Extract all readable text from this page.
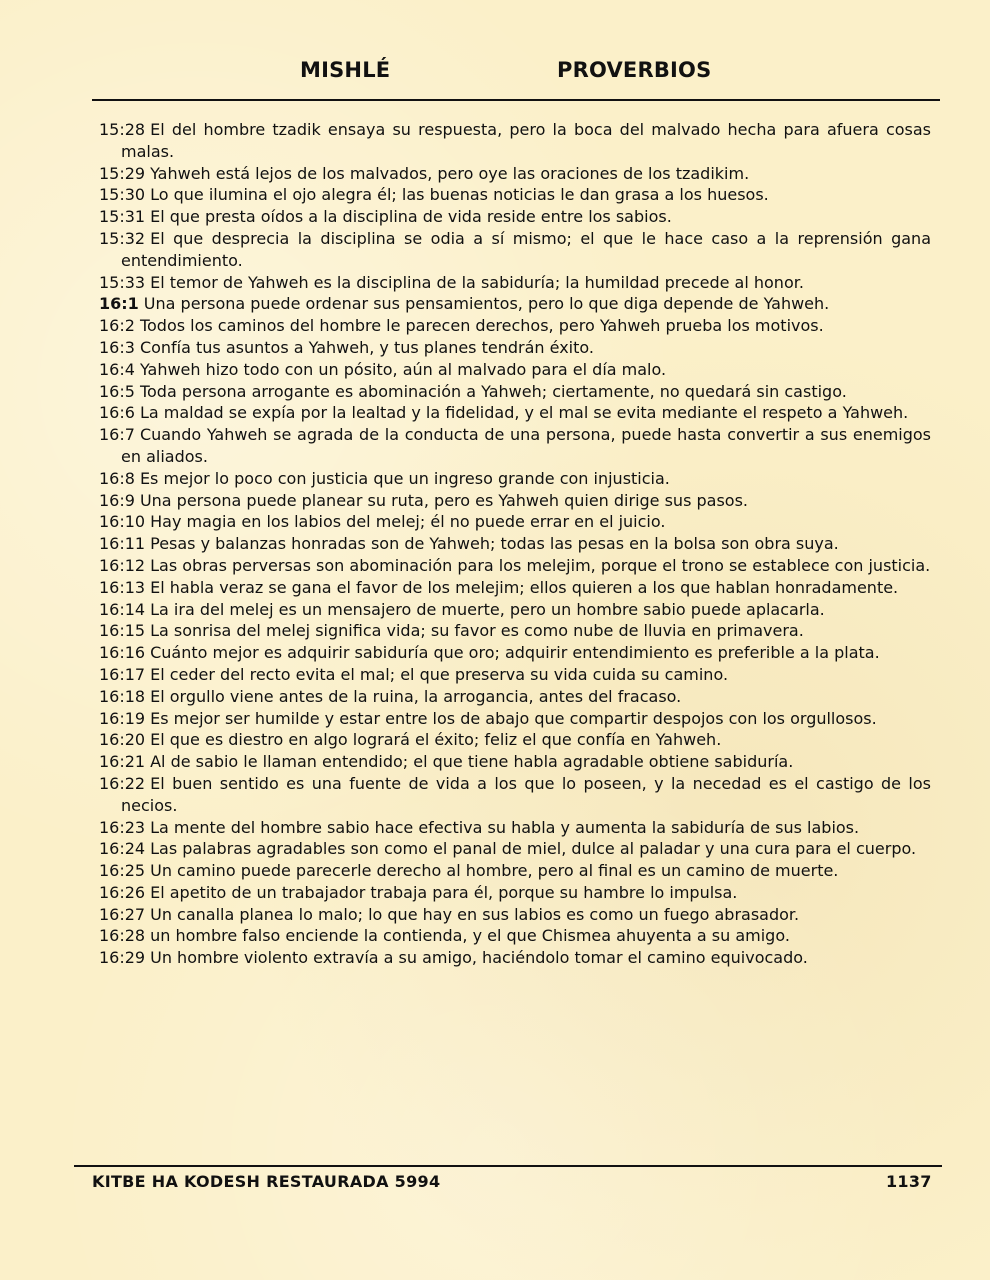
MISHLÉ	PROVERBIOS
15:28 El del hombre tzadik ensaya su respuesta, pero la boca del malvado hecha para afuera cosas malas.
15:29 Yahweh está lejos de los malvados, pero oye las oraciones de los tzadikim.
15:30 Lo que ilumina el ojo alegra él; las buenas noticias le dan grasa a los huesos.
15:31 El que presta oídos a la disciplina de vida reside entre los sabios.
15:32 El que desprecia la disciplina se odia a sí mismo; el que le hace caso a la reprensión gana entendimiento.
15:33 El temor de Yahweh es la disciplina de la sabiduría; la humildad precede al honor.
16:1 Una persona puede ordenar sus pensamientos, pero lo que diga depende de Yahweh.
16:2 Todos los caminos del hombre le parecen derechos, pero Yahweh prueba los motivos.
16:3 Confía tus asuntos a Yahweh, y tus planes tendrán éxito.
16:4 Yahweh hizo todo con un pósito, aún al malvado para el día malo.
16:5 Toda persona arrogante es abominación a Yahweh; ciertamente, no quedará sin castigo.
16:6 La maldad se expía por la lealtad y la fidelidad, y el mal se evita mediante el respeto a Yahweh.
16:7 Cuando Yahweh se agrada de la conducta de una persona, puede hasta convertir a sus enemigos en aliados.
16:8 Es mejor lo poco con justicia que un ingreso grande con injusticia.
16:9 Una persona puede planear su ruta, pero es Yahweh quien dirige sus pasos.
16:10 Hay magia en los labios del melej; él no puede errar en el juicio.
16:11 Pesas y balanzas honradas son de Yahweh; todas las pesas en la bolsa son obra suya.
16:12 Las obras perversas son abominación para los melejim, porque el trono se establece con justicia.
16:13 El habla veraz se gana el favor de los melejim; ellos quieren a los que hablan honradamente.
16:14 La ira del melej es un mensajero de muerte, pero un hombre sabio puede aplacarla.
16:15 La sonrisa del melej significa vida; su favor es como nube de lluvia en primavera.
16:16 Cuánto mejor es adquirir sabiduría que oro; adquirir entendimiento es preferible a la plata.
16:17 El ceder del recto evita el mal; el que preserva su vida cuida su camino.
16:18 El orgullo viene antes de la ruina, la arrogancia, antes del fracaso.
16:19 Es mejor ser humilde y estar entre los de abajo que compartir despojos con los orgullosos.
16:20 El que es diestro en algo logrará el éxito; feliz el que confía en Yahweh.
16:21 Al de sabio le llaman entendido; el que tiene habla agradable obtiene sabiduría.
16:22 El buen sentido es una fuente de vida a los que lo poseen, y la necedad es el castigo de los necios.
16:23 La mente del hombre sabio hace efectiva su habla y aumenta la sabiduría de sus labios.
16:24 Las palabras agradables son como el panal de miel, dulce al paladar y una cura para el cuerpo.
16:25 Un camino puede parecerle derecho al hombre, pero al final es un camino de muerte.
16:26 El apetito de un trabajador trabaja para él, porque su hambre lo impulsa.
16:27 Un canalla planea lo malo; lo que hay en sus labios es como un fuego abrasador.
16:28 un hombre falso enciende la contienda, y el que Chismea ahuyenta a su amigo.
16:29 Un hombre violento extravía a su amigo, haciéndolo tomar el camino equivocado.
KITBE HA KODESH RESTAURADA 5994	1137
